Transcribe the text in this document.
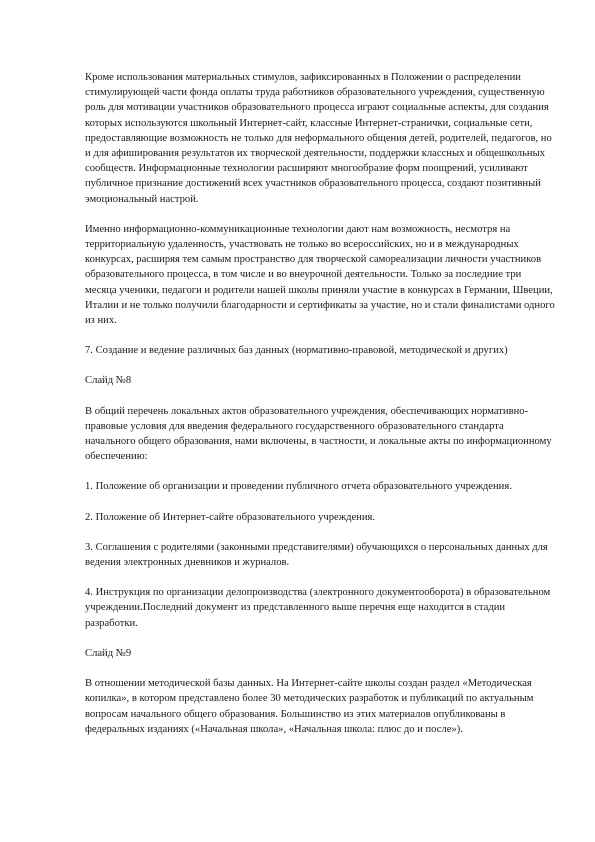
Кроме использования материальных стимулов, зафиксированных в Положении о распределении стимулирующей части фонда оплаты труда работников образовательного учреждения, существенную роль для мотивации участников образовательного процесса играют социальные аспекты, для создания которых используются школьный Интернет-сайт, классные Интернет-странички, социальные сети, предоставляющие возможность не только для неформального общения детей, родителей, педагогов, но и для афиширования результатов их творческой деятельности, поддержки классных и общешкольных сообществ. Информационные технологии расширяют многообразие форм поощрений, усиливают публичное признание достижений всех участников образовательного процесса, создают позитивный эмоциональный настрой.

Именно информационно-коммуникационные технологии дают нам возможность, несмотря на территориальную удаленность, участвовать не только во всероссийских, но и в международных конкурсах, расширяя тем самым пространство для творческой самореализации личности участников образовательного процесса, в том числе и во внеурочной деятельности. Только за последние три месяца ученики, педагоги и родители нашей школы приняли участие в конкурсах в Германии, Швеции, Италии и не только получили благодарности и сертификаты за участие, но и стали финалистами одного из них.

7. Создание и ведение различных баз данных (нормативно-правовой, методической и других)

Слайд №8

В общий перечень локальных актов образовательного учреждения, обеспечивающих нормативно-правовые условия для введения федерального государственного образовательного стандарта начального общего образования, нами включены, в частности, и локальные акты по информационному обеспечению:

1. Положение об организации и проведении публичного отчета образовательного учреждения.

2. Положение об Интернет-сайте образовательного учреждения.

3. Соглашения с родителями (законными представителями) обучающихся о персональных данных для ведения электронных дневников и журналов.

4. Инструкция по организации делопроизводства (электронного документооборота) в образовательном учреждении.Последний документ из представленного выше перечня еще находится в стадии разработки.

Слайд №9

В отношении методической базы данных. На Интернет-сайте школы создан раздел «Методическая копилка», в котором представлено более 30 методических разработок и публикаций по актуальным вопросам начального общего образования. Большинство из этих материалов опубликованы в федеральных изданиях («Начальная школа», «Начальная школа: плюс до и после»).
